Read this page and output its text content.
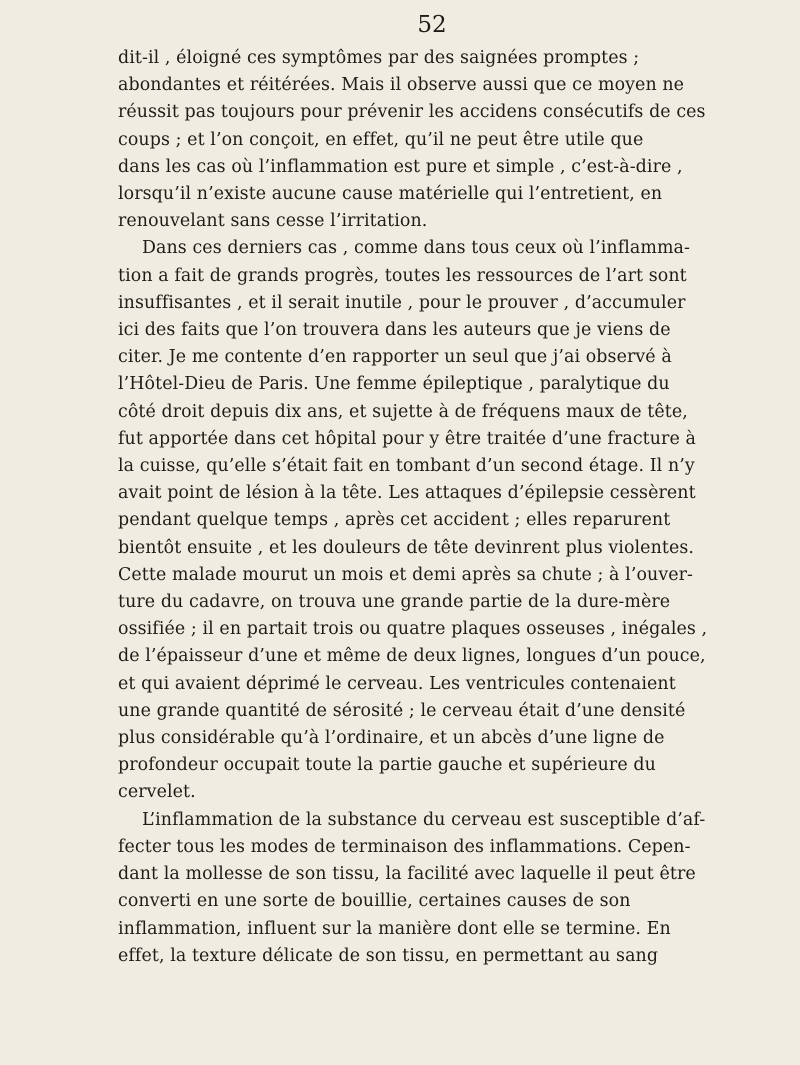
52
dit-il , éloigné ces symptômes par des saignées promptes ;
abondantes et réitérées. Mais il observe aussi que ce moyen ne
réussit pas toujours pour prévenir les accidens consécutifs de ces
coups ; et l’on conçoit, en effet, qu’il ne peut être utile que
dans les cas où l’inflammation est pure et simple , c’est-à-dire ,
lorsqu’il n’existe aucune cause matérielle qui l’entretient, en
renouvelant sans cesse l’irritation.
Dans ces derniers cas , comme dans tous ceux où l’inflamma-
tion a fait de grands progrès, toutes les ressources de l’art sont
insuffisantes , et il serait inutile , pour le prouver , d’accumuler
ici des faits que l’on trouvera dans les auteurs que je viens de
citer. Je me contente d’en rapporter un seul que j’ai observé à
l’Hôtel-Dieu de Paris. Une femme épileptique , paralytique du
côté droit depuis dix ans, et sujette à de fréquens maux de tête,
fut apportée dans cet hôpital pour y être traitée d’une fracture à
la cuisse, qu’elle s’était fait en tombant d’un second étage. Il n’y
avait point de lésion à la tête. Les attaques d’épilepsie cessèrent
pendant quelque temps , après cet accident ; elles reparurent
bientôt ensuite , et les douleurs de tête devinrent plus violentes.
Cette malade mourut un mois et demi après sa chute ; à l’ouver-
ture du cadavre, on trouva une grande partie de la dure-mère
ossifiée ; il en partait trois ou quatre plaques osseuses , inégales ,
de l’épaisseur d’une et même de deux lignes, longues d’un pouce,
et qui avaient déprimé le cerveau. Les ventricules contenaient
une grande quantité de sérosité ; le cerveau était d’une densité
plus considérable qu’à l’ordinaire, et un abcès d’une ligne de
profondeur occupait toute la partie gauche et supérieure du
cervelet.
L’inflammation de la substance du cerveau est susceptible d’af-
fecter tous les modes de terminaison des inflammations. Cepen-
dant la mollesse de son tissu, la facilité avec laquelle il peut être
converti en une sorte de bouillie, certaines causes de son
inflammation, influent sur la manière dont elle se termine. En
effet, la texture délicate de son tissu, en permettant au sang
